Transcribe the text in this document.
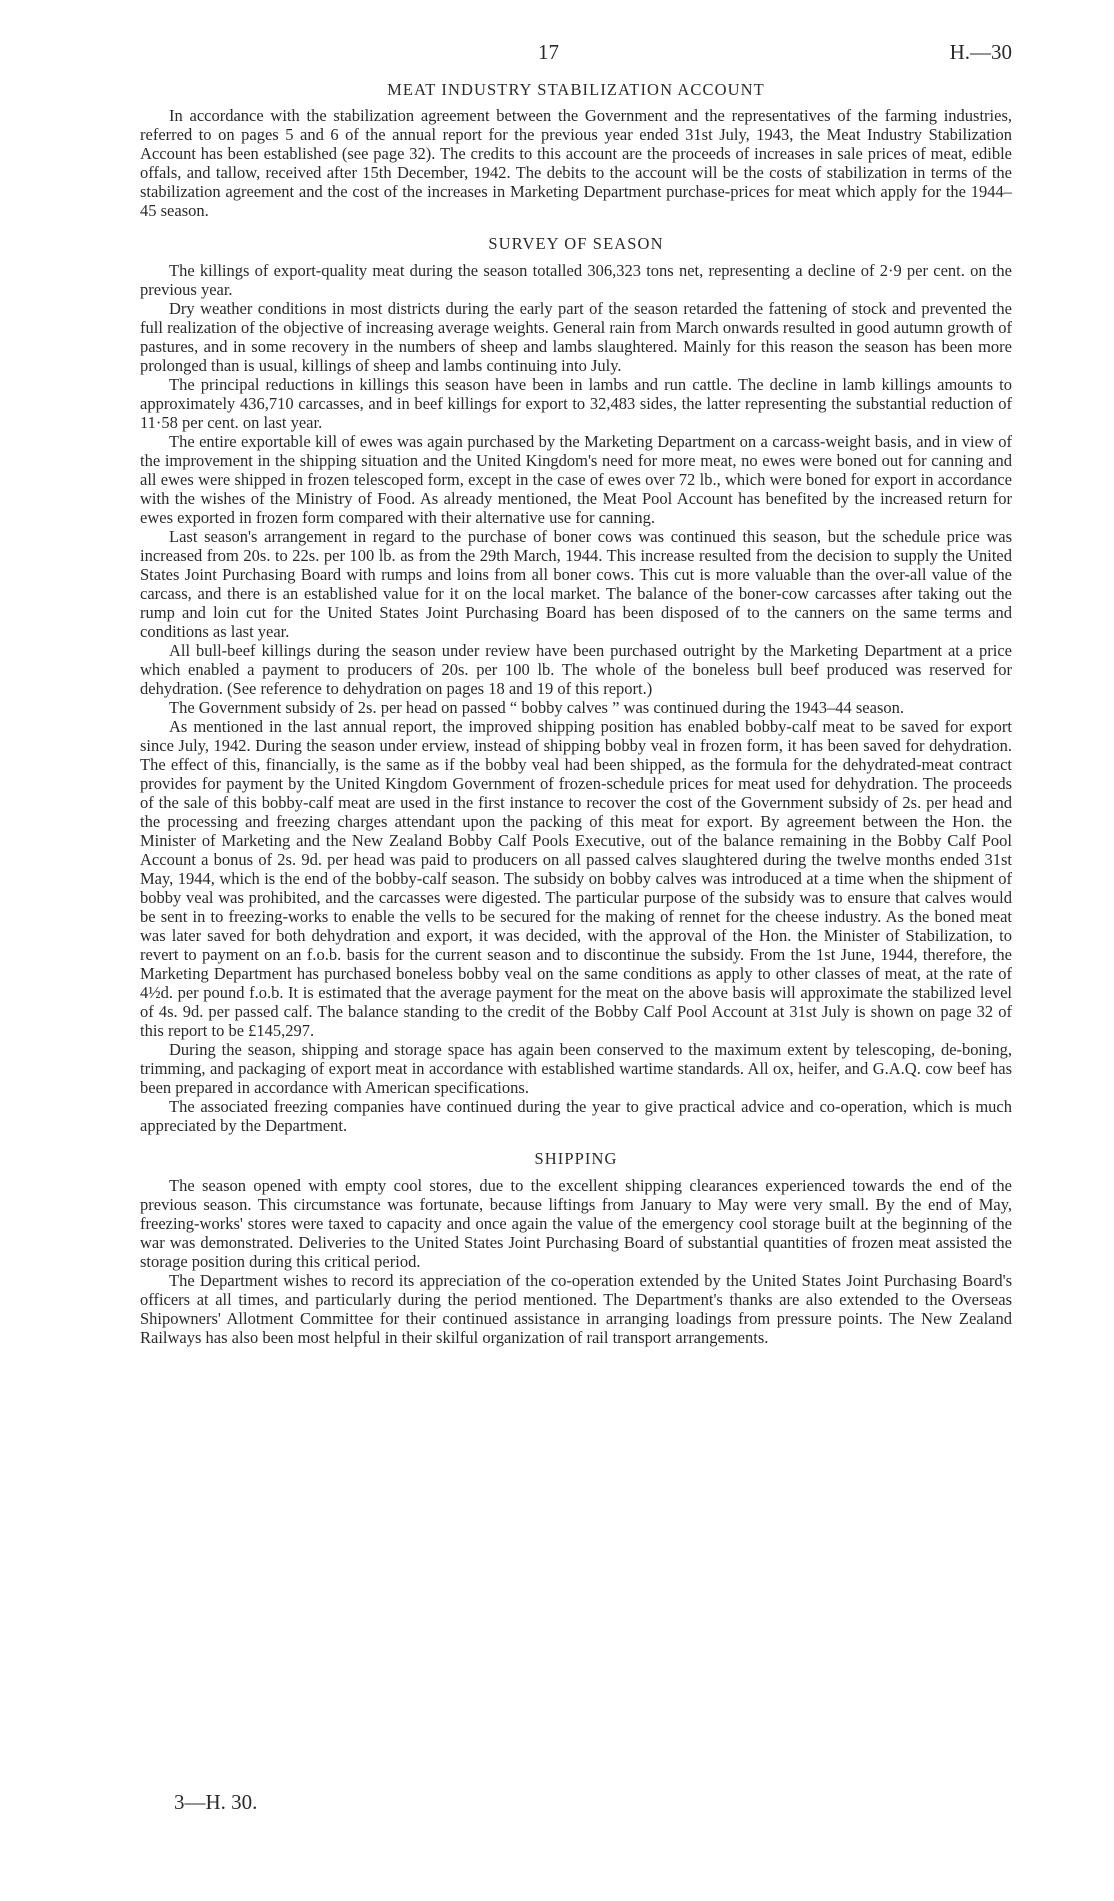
17	H.—30
MEAT INDUSTRY STABILIZATION ACCOUNT

In accordance with the stabilization agreement between the Government and the representatives of the farming industries, referred to on pages 5 and 6 of the annual report for the previous year ended 31st July, 1943, the Meat Industry Stabilization Account has been established (see page 32). The credits to this account are the proceeds of increases in sale prices of meat, edible offals, and tallow, received after 15th December, 1942. The debits to the account will be the costs of stabilization in terms of the stabilization agreement and the cost of the increases in Marketing Department purchase-prices for meat which apply for the 1944–45 season.

SURVEY OF SEASON

The killings of export-quality meat during the season totalled 306,323 tons net, representing a decline of 2·9 per cent. on the previous year.

Dry weather conditions in most districts during the early part of the season retarded the fattening of stock and prevented the full realization of the objective of increasing average weights. General rain from March onwards resulted in good autumn growth of pastures, and in some recovery in the numbers of sheep and lambs slaughtered. Mainly for this reason the season has been more prolonged than is usual, killings of sheep and lambs continuing into July.

The principal reductions in killings this season have been in lambs and run cattle. The decline in lamb killings amounts to approximately 436,710 carcasses, and in beef killings for export to 32,483 sides, the latter representing the substantial reduction of 11·58 per cent. on last year.

The entire exportable kill of ewes was again purchased by the Marketing Department on a carcass-weight basis, and in view of the improvement in the shipping situation and the United Kingdom's need for more meat, no ewes were boned out for canning and all ewes were shipped in frozen telescoped form, except in the case of ewes over 72 lb., which were boned for export in accordance with the wishes of the Ministry of Food. As already mentioned, the Meat Pool Account has benefited by the increased return for ewes exported in frozen form compared with their alternative use for canning.

Last season's arrangement in regard to the purchase of boner cows was continued this season, but the schedule price was increased from 20s. to 22s. per 100 lb. as from the 29th March, 1944. This increase resulted from the decision to supply the United States Joint Purchasing Board with rumps and loins from all boner cows. This cut is more valuable than the over-all value of the carcass, and there is an established value for it on the local market. The balance of the boner-cow carcasses after taking out the rump and loin cut for the United States Joint Purchasing Board has been disposed of to the canners on the same terms and conditions as last year.

All bull-beef killings during the season under review have been purchased outright by the Marketing Department at a price which enabled a payment to producers of 20s. per 100 lb. The whole of the boneless bull beef produced was reserved for dehydration. (See reference to dehydration on pages 18 and 19 of this report.)

The Government subsidy of 2s. per head on passed “ bobby calves ” was continued during the 1943–44 season.

As mentioned in the last annual report, the improved shipping position has enabled bobby-calf meat to be saved for export since July, 1942. During the season under erview, instead of shipping bobby veal in frozen form, it has been saved for dehydration. The effect of this, financially, is the same as if the bobby veal had been shipped, as the formula for the dehydrated-meat contract provides for payment by the United Kingdom Government of frozen-schedule prices for meat used for dehydration. The proceeds of the sale of this bobby-calf meat are used in the first instance to recover the cost of the Government subsidy of 2s. per head and the processing and freezing charges attendant upon the packing of this meat for export. By agreement between the Hon. the Minister of Marketing and the New Zealand Bobby Calf Pools Executive, out of the balance remaining in the Bobby Calf Pool Account a bonus of 2s. 9d. per head was paid to producers on all passed calves slaughtered during the twelve months ended 31st May, 1944, which is the end of the bobby-calf season. The subsidy on bobby calves was introduced at a time when the shipment of bobby veal was prohibited, and the carcasses were digested. The particular purpose of the subsidy was to ensure that calves would be sent in to freezing-works to enable the vells to be secured for the making of rennet for the cheese industry. As the boned meat was later saved for both dehydration and export, it was decided, with the approval of the Hon. the Minister of Stabilization, to revert to payment on an f.o.b. basis for the current season and to discontinue the subsidy. From the 1st June, 1944, therefore, the Marketing Department has purchased boneless bobby veal on the same conditions as apply to other classes of meat, at the rate of 4½d. per pound f.o.b. It is estimated that the average payment for the meat on the above basis will approximate the stabilized level of 4s. 9d. per passed calf. The balance standing to the credit of the Bobby Calf Pool Account at 31st July is shown on page 32 of this report to be £145,297.

During the season, shipping and storage space has again been conserved to the maximum extent by telescoping, de-boning, trimming, and packaging of export meat in accordance with established wartime standards. All ox, heifer, and G.A.Q. cow beef has been prepared in accordance with American specifications.

The associated freezing companies have continued during the year to give practical advice and co-operation, which is much appreciated by the Department.

SHIPPING

The season opened with empty cool stores, due to the excellent shipping clearances experienced towards the end of the previous season. This circumstance was fortunate, because liftings from January to May were very small. By the end of May, freezing-works' stores were taxed to capacity and once again the value of the emergency cool storage built at the beginning of the war was demonstrated. Deliveries to the United States Joint Purchasing Board of substantial quantities of frozen meat assisted the storage position during this critical period.

The Department wishes to record its appreciation of the co-operation extended by the United States Joint Purchasing Board's officers at all times, and particularly during the period mentioned. The Department's thanks are also extended to the Overseas Shipowners' Allotment Committee for their continued assistance in arranging loadings from pressure points. The New Zealand Railways has also been most helpful in their skilful organization of rail transport arrangements.

3—H. 30.
